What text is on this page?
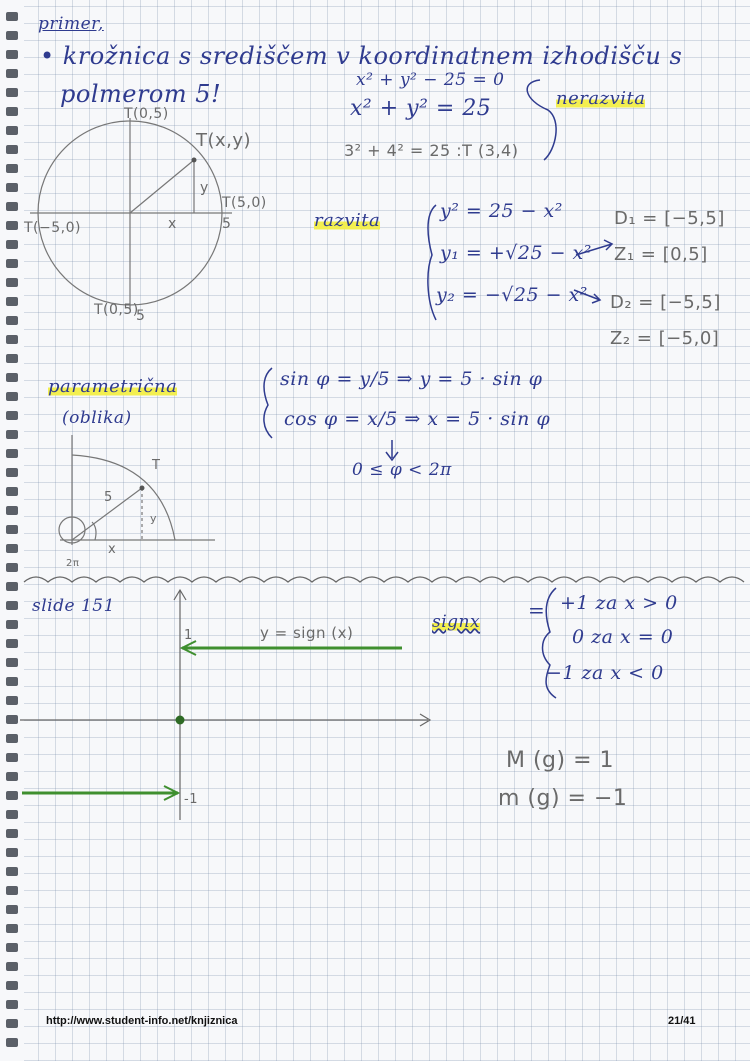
primer,
• krožnica s središčem v koordinatnem izhodišču s
polmerom 5!	x² + y² − 25 = 0
x² + y² = 25
3² + 4² = 25 :T (3,4)
nerazvita
T(0,5)
T(x,y)
T(5,0)
T(−5,0)
T(0,5)
x
y
5
5
razvita	y² = 25 − x²
y₁ = +√25 − x²
y₂ = −√25 − x²
D₁ = [−5,5]
Z₁ = [0,5]
D₂ = [−5,5]
Z₂ = [−5,0]
parametrična
(oblika)
sin φ = y/5 ⇒ y = 5 · sin φ
cos φ = x/5 ⇒ x = 5 · sin φ
0 ≤ φ < 2π
T
5
x
y
2π
slide 151
y = sign (x)
1
-1
signx = +1 za x > 0
0 za x = 0
−1 za x < 0
M (g) = 1
m (g) = −1
http://www.student-info.net/knjiznica	21/41
